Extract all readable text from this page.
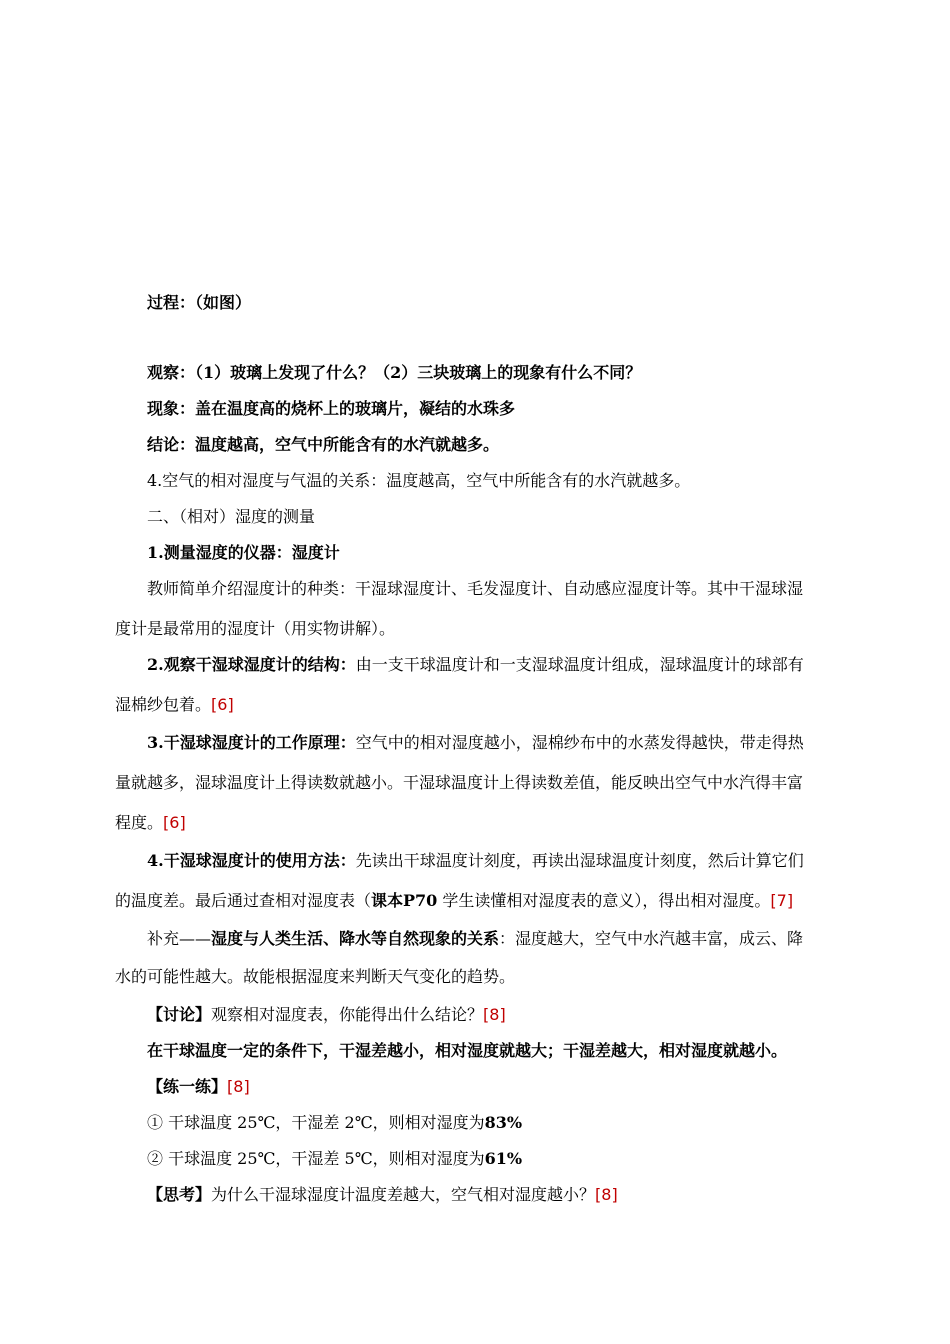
过程：（如图）
观察：（1）玻璃上发现了什么？（2）三块玻璃上的现象有什么不同？
现象：盖在温度高的烧杯上的玻璃片，凝结的水珠多
结论：温度越高，空气中所能含有的水汽就越多。
4.空气的相对湿度与气温的关系：温度越高，空气中所能含有的水汽就越多。
二、（相对）湿度的测量
1.测量湿度的仪器：湿度计
教师简单介绍湿度计的种类：干湿球湿度计、毛发湿度计、自动感应湿度计等。其中干湿球湿
度计是最常用的湿度计（用实物讲解）。
2.观察干湿球湿度计的结构：由一支干球温度计和一支湿球温度计组成，湿球温度计的球部有
湿棉纱包着。[6]
3.干湿球湿度计的工作原理：空气中的相对湿度越小，湿棉纱布中的水蒸发得越快，带走得热
量就越多，湿球温度计上得读数就越小。干湿球温度计上得读数差值，能反映出空气中水汽得丰富
程度。[6]
4.干湿球湿度计的使用方法：先读出干球温度计刻度，再读出湿球温度计刻度，然后计算它们
的温度差。最后通过查相对湿度表（课本P70 学生读懂相对湿度表的意义），得出相对湿度。[7]
补充——湿度与人类生活、降水等自然现象的关系：湿度越大，空气中水汽越丰富，成云、降
水的可能性越大。故能根据湿度来判断天气变化的趋势。
【讨论】观察相对湿度表，你能得出什么结论？[8]
在干球温度一定的条件下，干湿差越小，相对湿度就越大；干湿差越大，相对湿度就越小。
【练一练】[8]
① 干球温度 25℃，干湿差 2℃，则相对湿度为83%
② 干球温度 25℃，干湿差 5℃，则相对湿度为61%
【思考】为什么干湿球湿度计温度差越大，空气相对湿度越小？[8]
